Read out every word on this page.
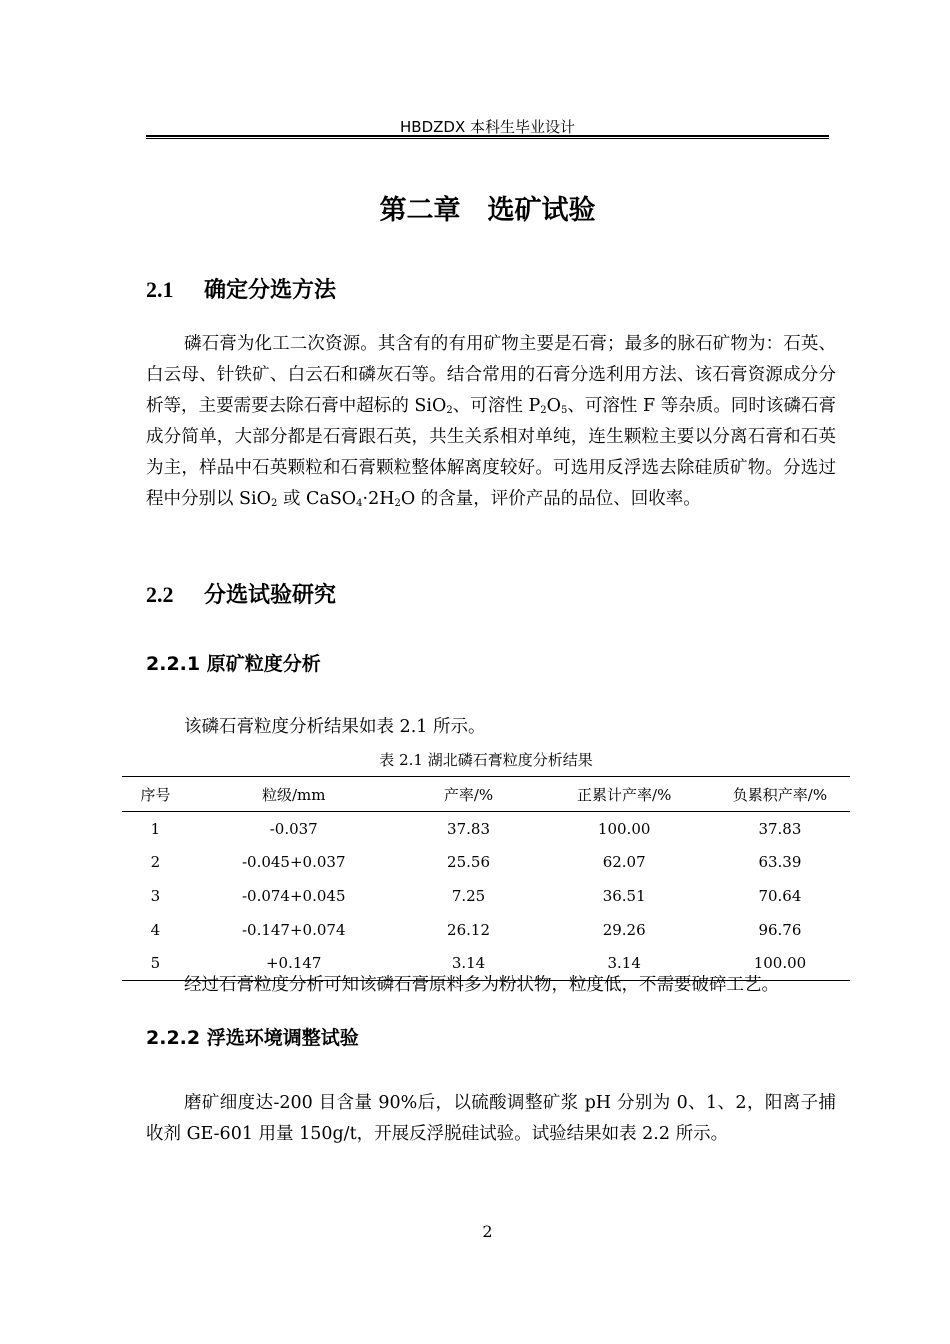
HBDZDX 本科生毕业设计
第二章　选矿试验
2.1 确定分选方法

磷石膏为化工二次资源。其含有的有用矿物主要是石膏；最多的脉石矿物为：石英、白云母、针铁矿、白云石和磷灰石等。结合常用的石膏分选利用方法、该石膏资源成分分析等，主要需要去除石膏中超标的 SiO$_2$、可溶性 $P_2O_5$、可溶性 F 等杂质。同时该磷石膏成分简单，大部分都是石膏跟石英，共生关系相对单纯，连生颗粒主要以分离石膏和石英为主，样品中石英颗粒和石膏颗粒整体解离度较好。可选用反浮选去除硅质矿物。分选过程中分别以 SiO$_2$ 或 $CaSO_4\cdot 2H_2O$ 的含量，评价产品的品位、回收率。

2.2 分选试验研究
2.2.1 原矿粒度分析

该磷石膏粒度分析结果如表 2.1 所示。

表 2.1 湖北磷石膏粒度分析结果
序号	粒级/mm	产率/%	正累计产率/%	负累积产率/%
1	-0.037	37.83	100.00	37.83
2	-0.045+0.037	25.56	62.07	63.39
3	-0.074+0.045	7.25	36.51	70.64
4	-0.147+0.074	26.12	29.26	96.76
5	+0.147	3.14	3.14	100.00

经过石膏粒度分析可知该磷石膏原料多为粉状物，粒度低，不需要破碎工艺。

2.2.2 浮选环境调整试验

磨矿细度达-200 目含量 90%后，以硫酸调整矿浆 pH 分别为 0、1、2，阳离子捕收剂 GE-601 用量 150g/t，开展反浮脱硅试验。试验结果如表 2.2 所示。

2
